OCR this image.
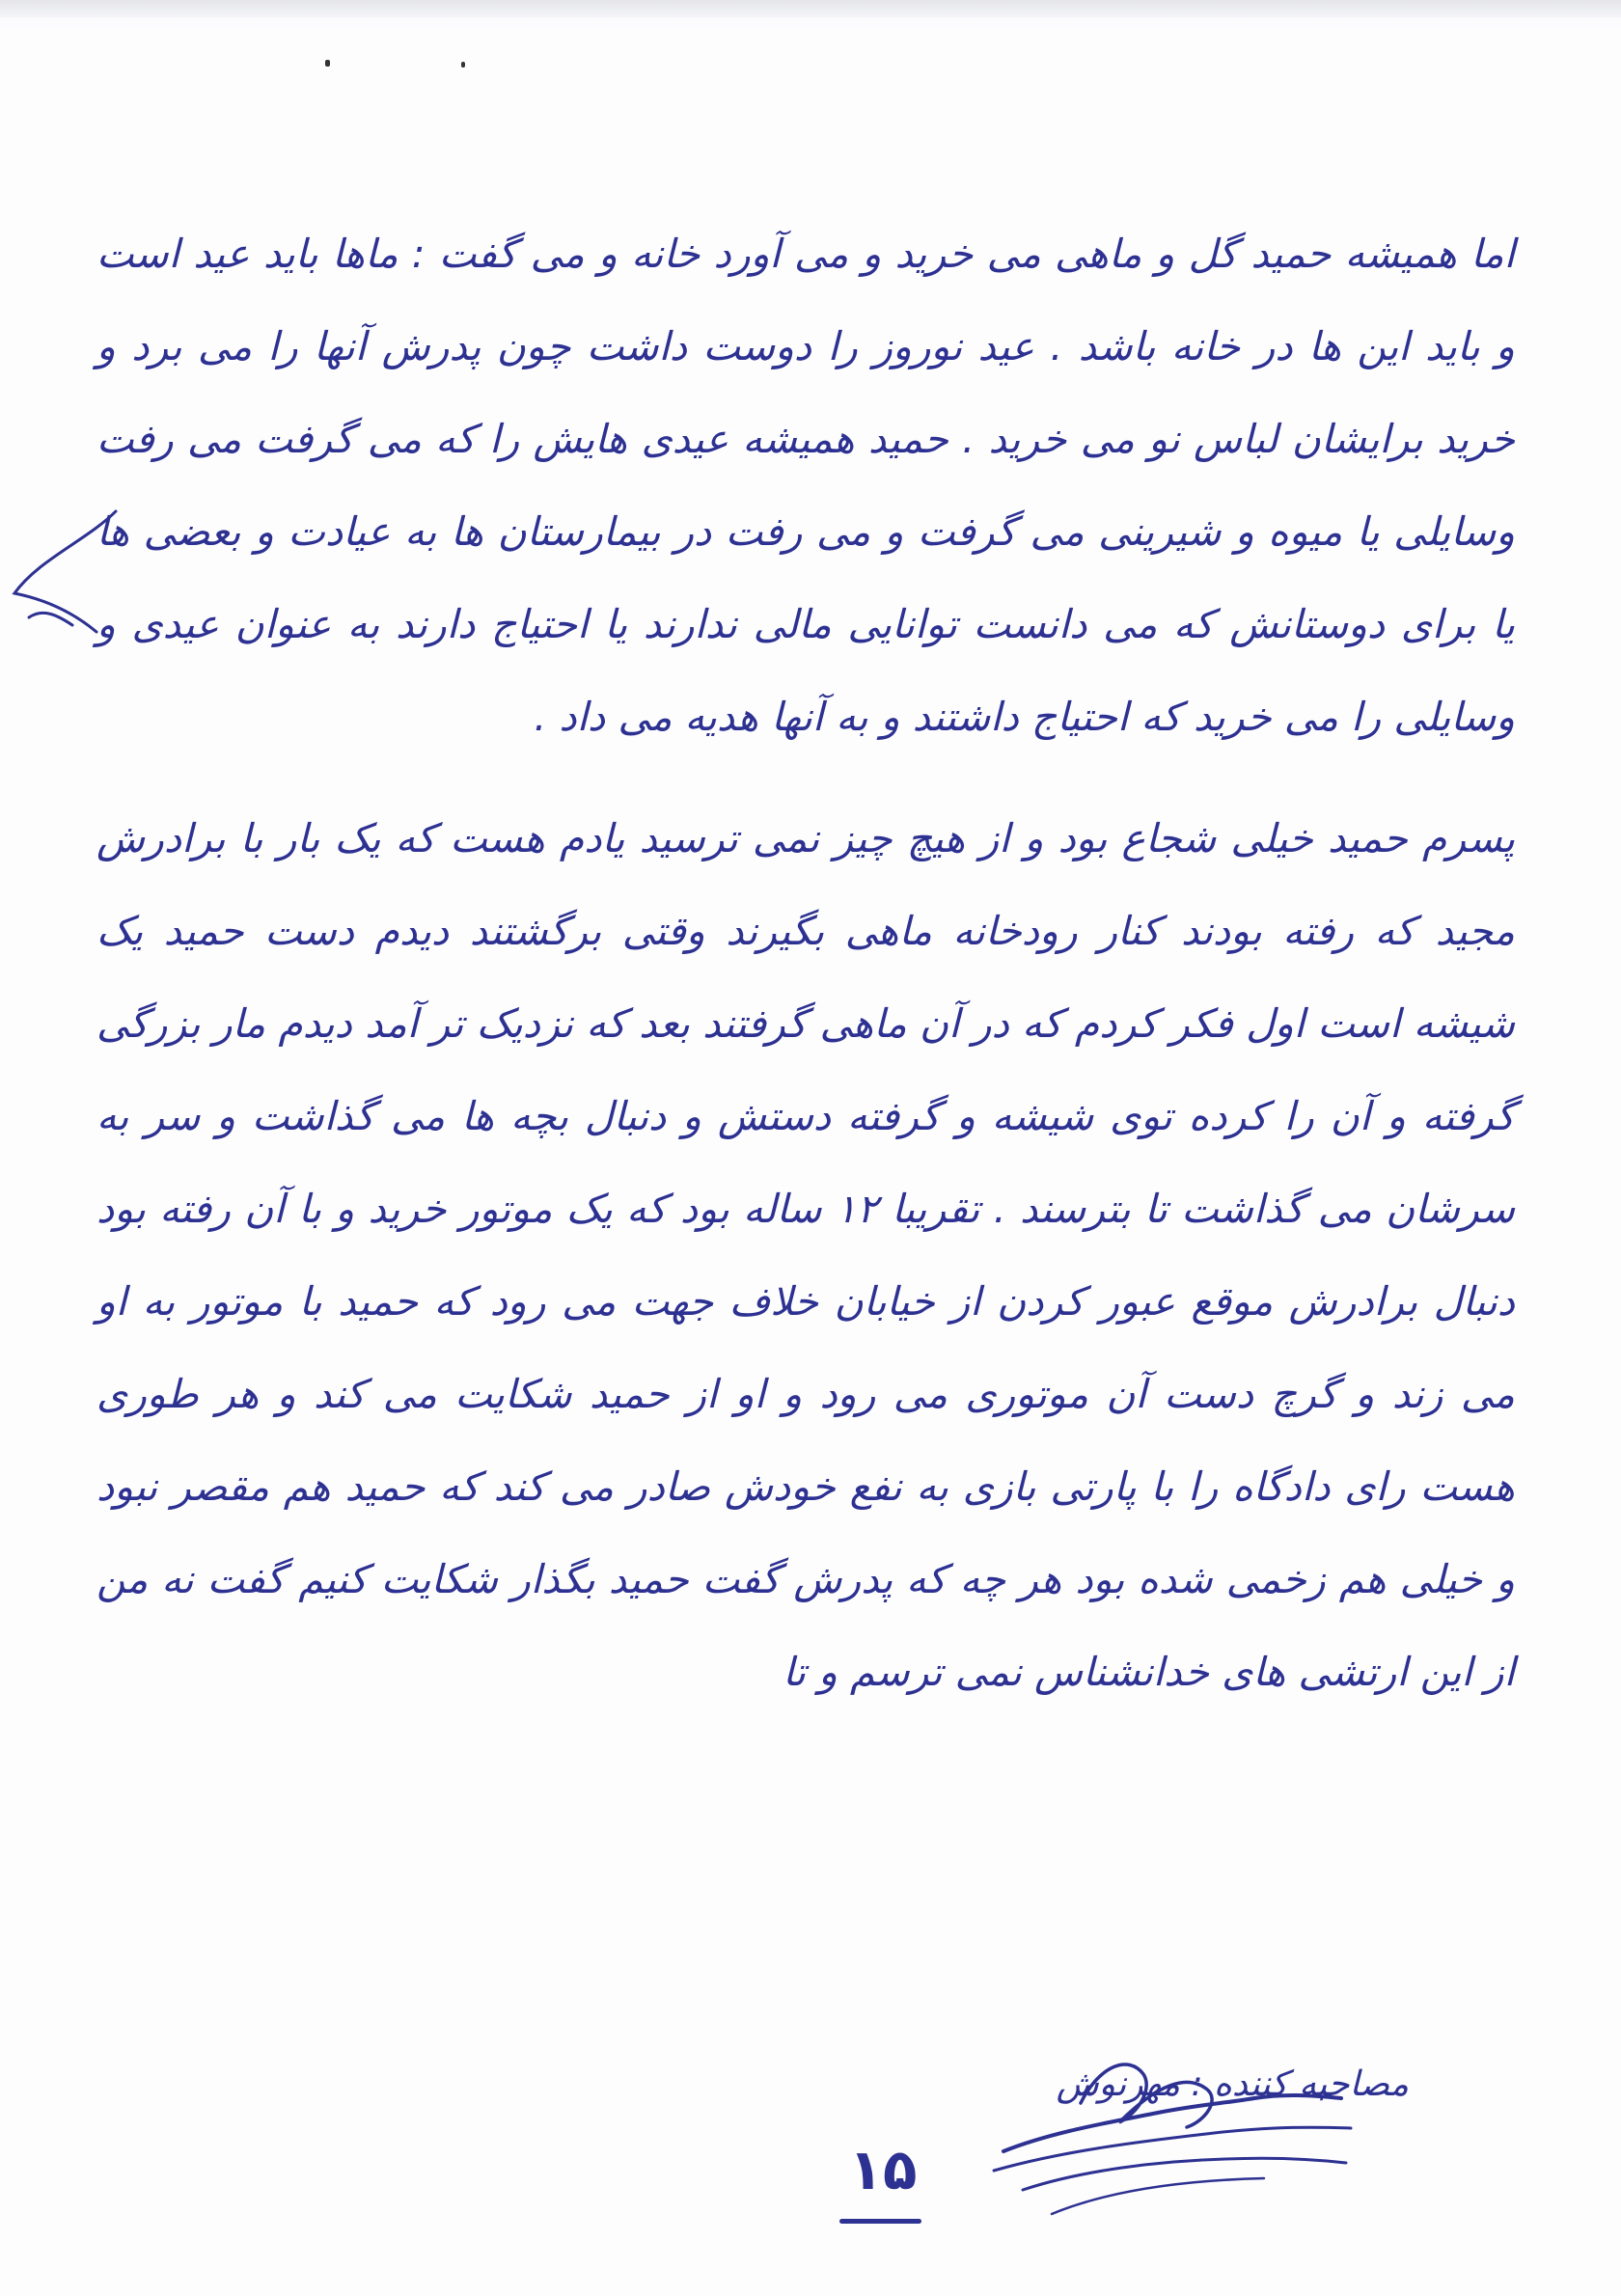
اما همیشه حمید گل و ماهی می خرید و می آورد خانه و می گفت : ماها باید عید است و باید این ها در خانه باشد . عید نوروز را دوست داشت چون پدرش آنها را می برد و خرید برایشان لباس نو می خرید . حمید همیشه عیدی هایش را که می گرفت می رفت وسایلی یا میوه و شیرینی می گرفت و می رفت در بیمارستان ها به عیادت و بعضی ها یا برای دوستانش که می دانست توانایی مالی ندارند یا احتیاج دارند به عنوان عیدی و وسایلی را می خرید که احتیاج داشتند و به آنها هدیه می داد .

پسرم حمید خیلی شجاع بود و از هیچ چیز نمی ترسید یادم هست که یک بار با برادرش مجید که رفته بودند کنار رودخانه ماهی بگیرند وقتی برگشتند دیدم دست حمید یک شیشه است اول فکر کردم که در آن ماهی گرفتند بعد که نزدیک تر آمد دیدم مار بزرگی گرفته و آن را کرده توی شیشه و گرفته دستش و دنبال بچه ها می گذاشت و سر به سرشان می گذاشت تا بترسند . تقریبا ۱۲ ساله بود که یک موتور خرید و با آن رفته بود دنبال برادرش موقع عبور کردن از خیابان خلاف جهت می رود که حمید با موتور به او می زند و گرچ دست آن موتوری می رود و او از حمید شکایت می کند و هر طوری هست رای دادگاه را با پارتی بازی به نفع خودش صادر می کند که حمید هم مقصر نبود و خیلی هم زخمی شده بود هر چه که پدرش گفت حمید بگذار شکایت کنیم گفت نه من از این ارتشی های خدانشناس نمی ترسم و تا

مصاحبه کننده : مهرنوش
۱۵
